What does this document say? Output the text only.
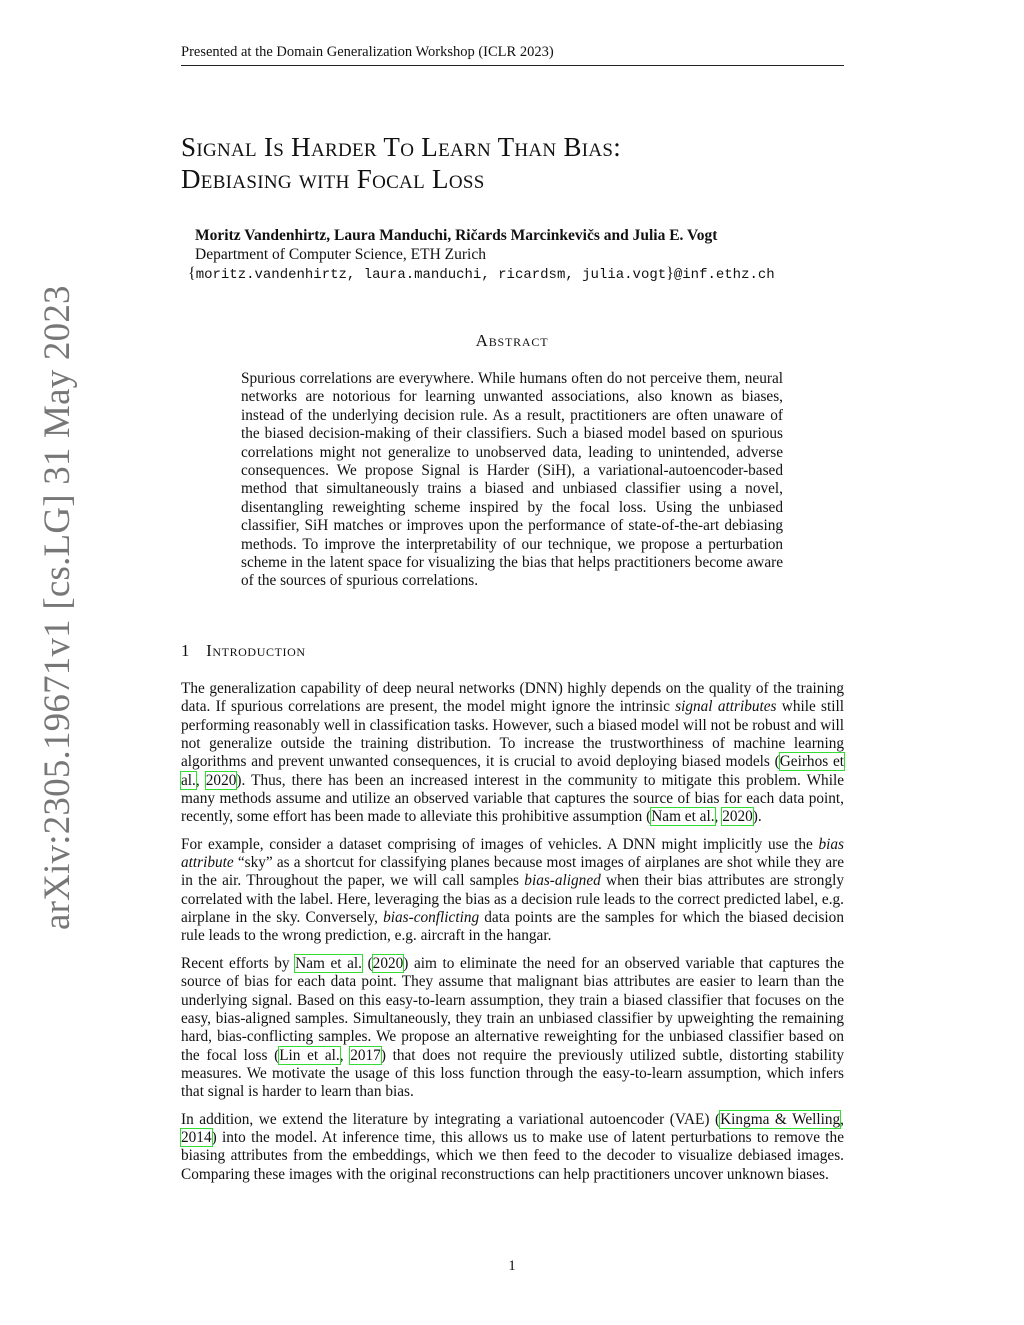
Presented at the Domain Generalization Workshop (ICLR 2023)
Signal Is Harder To Learn Than Bias:
Debiasing with Focal Loss
Moritz Vandenhirtz, Laura Manduchi, Ričards Marcinkevičs and Julia E. Vogt
Department of Computer Science, ETH Zurich
{moritz.vandenhirtz, laura.manduchi, ricardsm, julia.vogt}@inf.ethz.ch
Abstract
Spurious correlations are everywhere. While humans often do not perceive them, neural networks are notorious for learning unwanted associations, also known as biases, instead of the underlying decision rule. As a result, practitioners are often unaware of the biased decision-making of their classifiers. Such a biased model based on spurious correlations might not generalize to unobserved data, leading to unintended, adverse consequences. We propose Signal is Harder (SiH), a variational-autoencoder-based method that simultaneously trains a biased and unbiased classifier using a novel, disentangling reweighting scheme inspired by the focal loss. Using the unbiased classifier, SiH matches or improves upon the performance of state-of-the-art debiasing methods. To improve the interpretability of our technique, we propose a perturbation scheme in the latent space for visualizing the bias that helps practitioners become aware of the sources of spurious correlations.
1 Introduction

The generalization capability of deep neural networks (DNN) highly depends on the quality of the training data. If spurious correlations are present, the model might ignore the intrinsic signal attributes while still performing reasonably well in classification tasks. However, such a biased model will not be robust and will not generalize outside the training distribution. To increase the trustworthiness of machine learning algorithms and prevent unwanted consequences, it is crucial to avoid deploying biased models (Geirhos et al., 2020). Thus, there has been an increased interest in the community to mitigate this problem. While many methods assume and utilize an observed variable that captures the source of bias for each data point, recently, some effort has been made to alleviate this prohibitive assumption (Nam et al., 2020).

For example, consider a dataset comprising of images of vehicles. A DNN might implicitly use the bias attribute “sky” as a shortcut for classifying planes because most images of airplanes are shot while they are in the air. Throughout the paper, we will call samples bias-aligned when their bias attributes are strongly correlated with the label. Here, leveraging the bias as a decision rule leads to the correct predicted label, e.g. airplane in the sky. Conversely, bias-conflicting data points are the samples for which the biased decision rule leads to the wrong prediction, e.g. aircraft in the hangar.

Recent efforts by Nam et al. (2020) aim to eliminate the need for an observed variable that captures the source of bias for each data point. They assume that malignant bias attributes are easier to learn than the underlying signal. Based on this easy-to-learn assumption, they train a biased classifier that focuses on the easy, bias-aligned samples. Simultaneously, they train an unbiased classifier by upweighting the remaining hard, bias-conflicting samples. We propose an alternative reweighting for the unbiased classifier based on the focal loss (Lin et al., 2017) that does not require the previously utilized subtle, distorting stability measures. We motivate the usage of this loss function through the easy-to-learn assumption, which infers that signal is harder to learn than bias.

In addition, we extend the literature by integrating a variational autoencoder (VAE) (Kingma & Welling, 2014) into the model. At inference time, this allows us to make use of latent perturbations to remove the biasing attributes from the embeddings, which we then feed to the decoder to visualize debiased images. Comparing these images with the original reconstructions can help practitioners uncover unknown biases.

arXiv:2305.19671v1 [cs.LG] 31 May 2023
1
